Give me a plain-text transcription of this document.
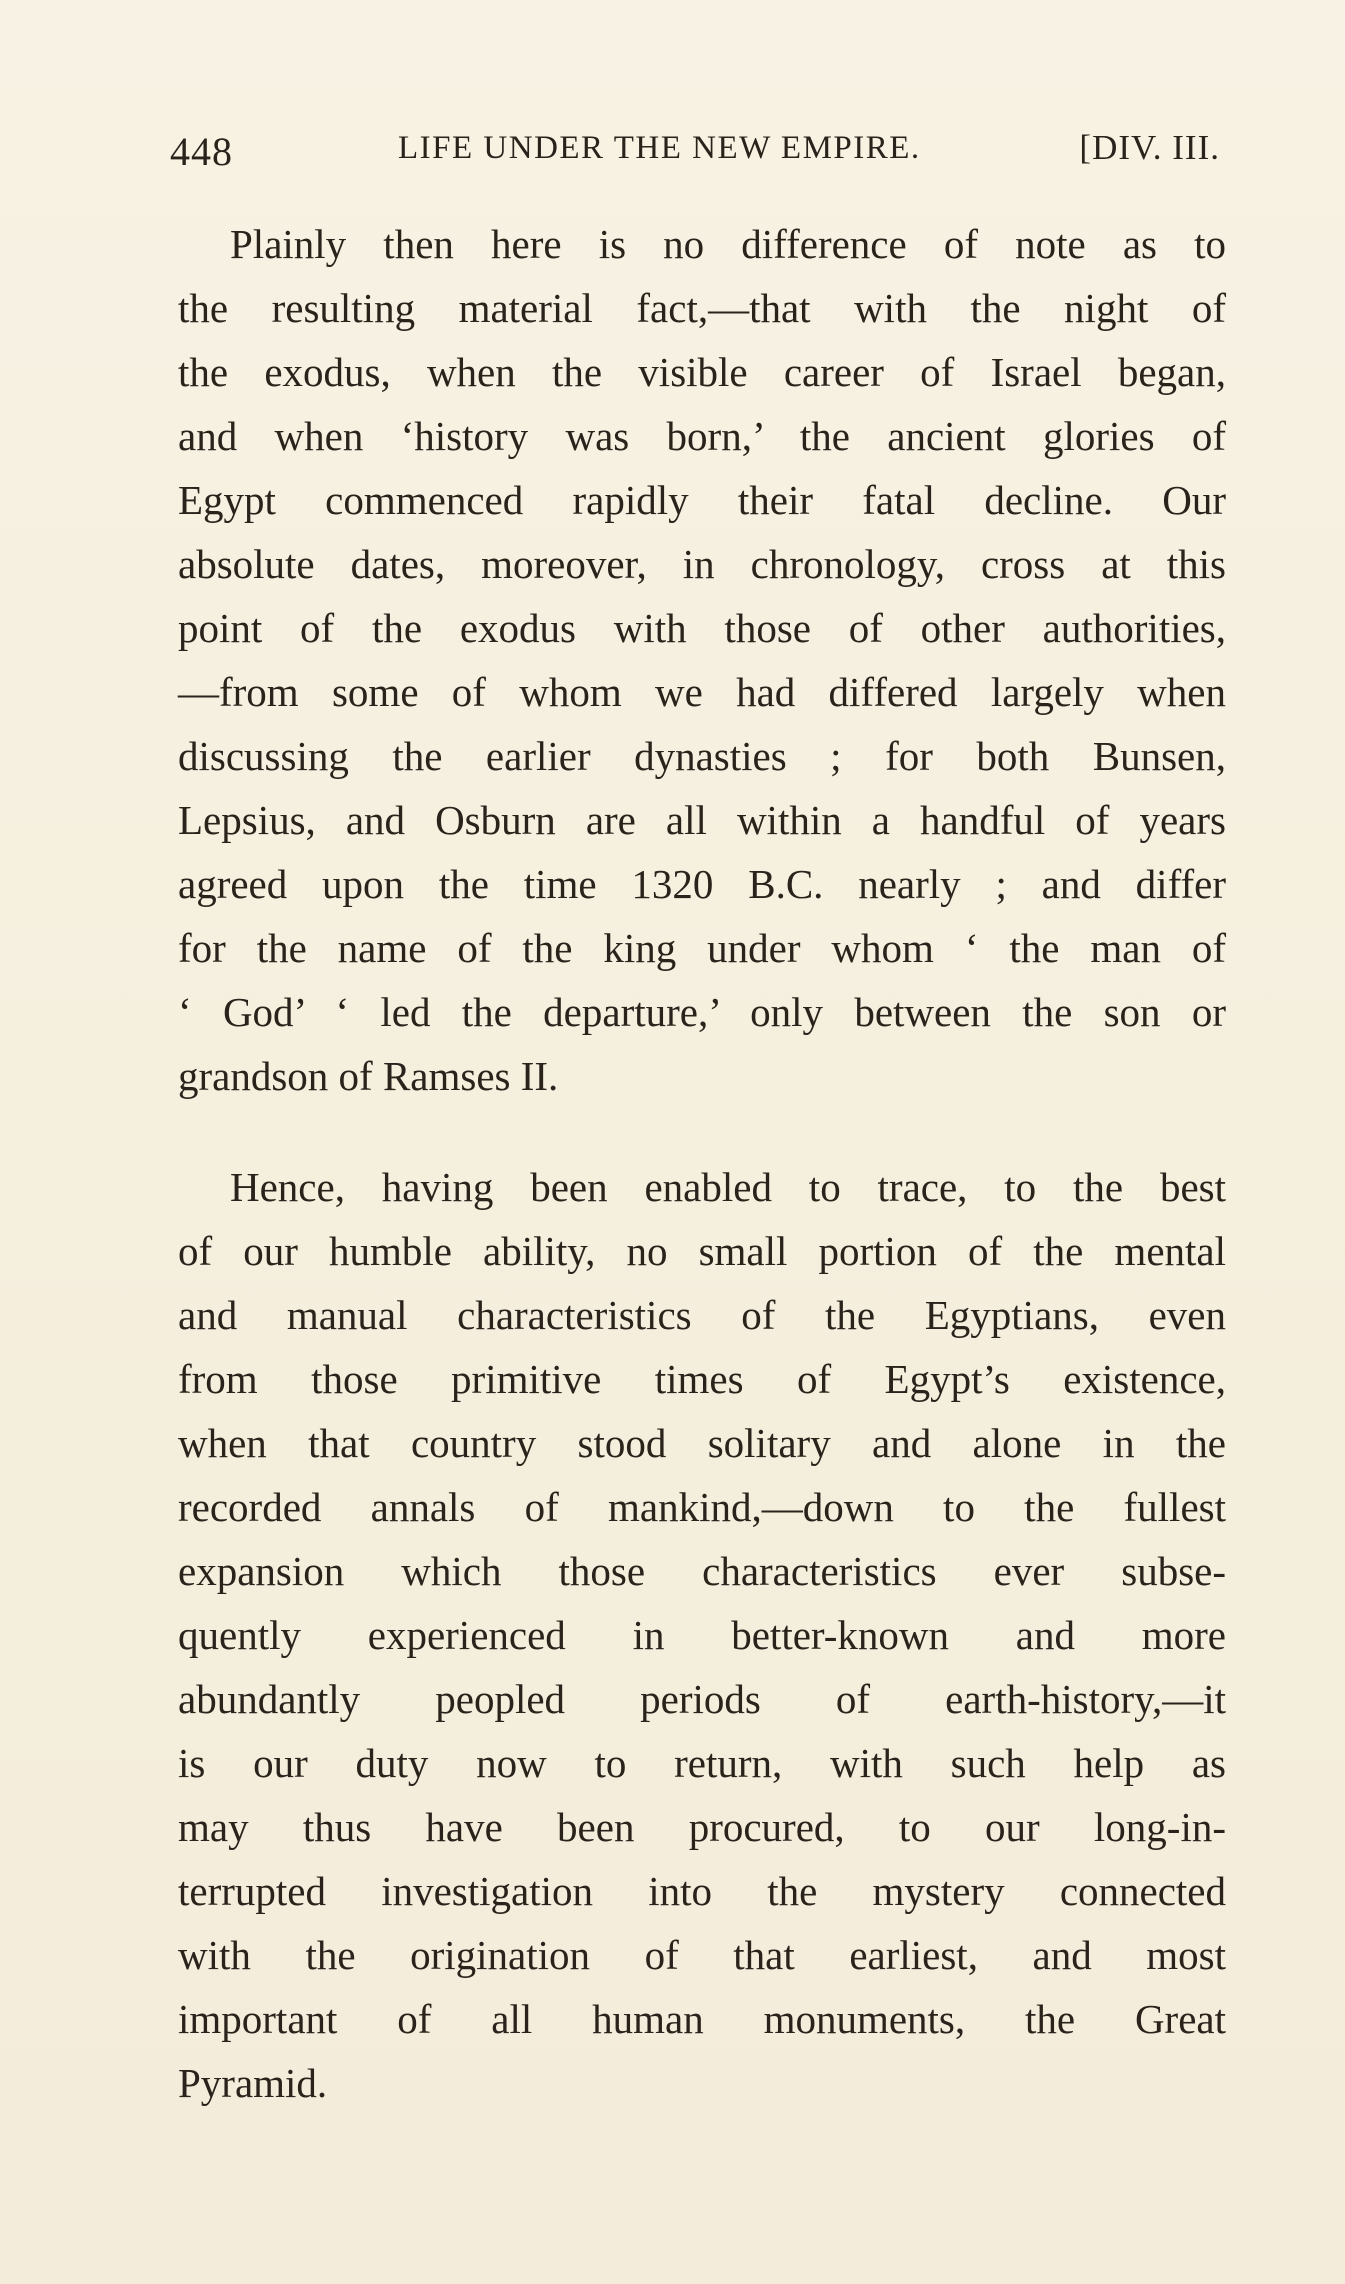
448	LIFE UNDER THE NEW EMPIRE.	[DIV. III.
Plainly then here is no difference of note as to
the resulting material fact,—that with the night of
the exodus, when the visible career of Israel began,
and when ‘history was born,’ the ancient glories of
Egypt commenced rapidly their fatal decline. Our
absolute dates, moreover, in chronology, cross at this
point of the exodus with those of other authorities,
—from some of whom we had differed largely when
discussing the earlier dynasties ; for both Bunsen,
Lepsius, and Osburn are all within a handful of years
agreed upon the time 1320 B.C. nearly ; and differ
for the name of the king under whom ‘ the man of
‘ God’ ‘ led the departure,’ only between the son or
grandson of Ramses II.
Hence, having been enabled to trace, to the best
of our humble ability, no small portion of the mental
and manual characteristics of the Egyptians, even
from those primitive times of Egypt’s existence,
when that country stood solitary and alone in the
recorded annals of mankind,—down to the fullest
expansion which those characteristics ever subse-
quently experienced in better-known and more
abundantly peopled periods of earth-history,—it
is our duty now to return, with such help as
may thus have been procured, to our long-in-
terrupted investigation into the mystery connected
with the origination of that earliest, and most
important of all human monuments, the Great
Pyramid.
